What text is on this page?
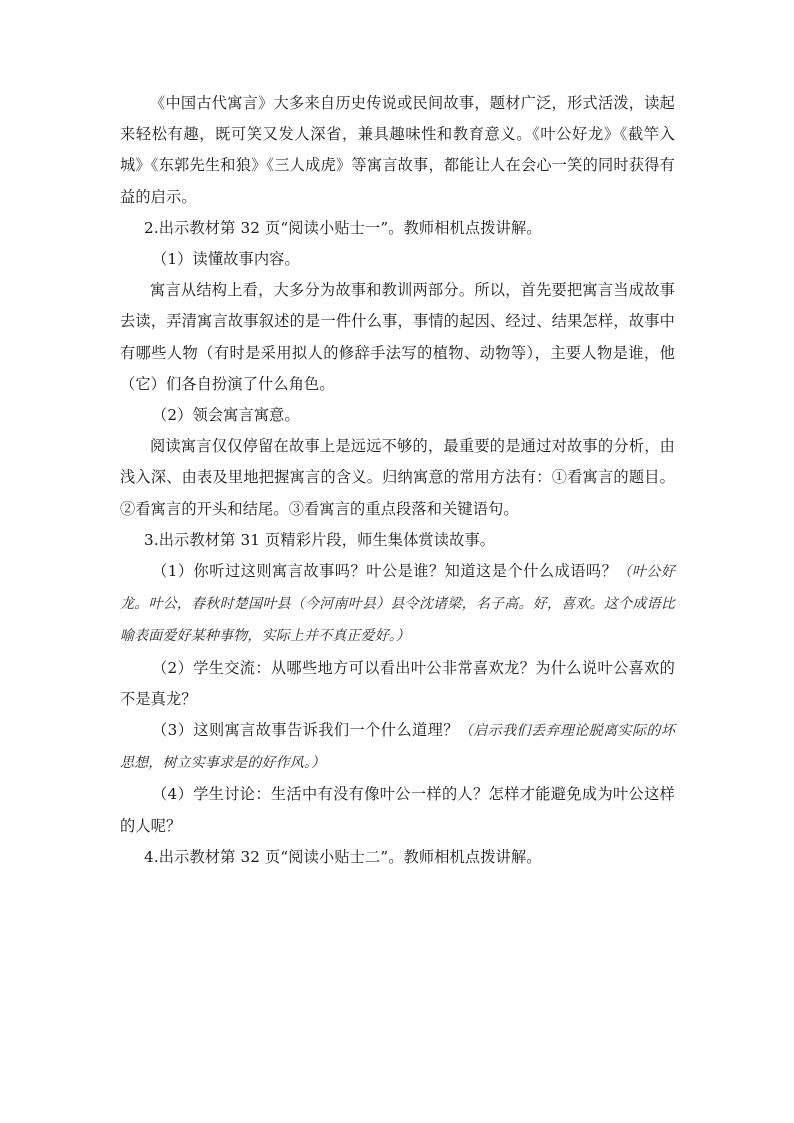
《中国古代寓言》大多来自历史传说或民间故事，题材广泛，形式活泼，读起来轻松有趣，既可笑又发人深省，兼具趣味性和教育意义。《叶公好龙》《截竿入城》《东郭先生和狼》《三人成虎》等寓言故事，都能让人在会心一笑的同时获得有益的启示。

2.出示教材第 32 页“阅读小贴士一”。教师相机点拨讲解。

（1）读懂故事内容。

寓言从结构上看，大多分为故事和教训两部分。所以，首先要把寓言当成故事去读，弄清寓言故事叙述的是一件什么事，事情的起因、经过、结果怎样，故事中有哪些人物（有时是采用拟人的修辞手法写的植物、动物等），主要人物是谁，他（它）们各自扮演了什么角色。

（2）领会寓言寓意。

阅读寓言仅仅停留在故事上是远远不够的，最重要的是通过对故事的分析，由浅入深、由表及里地把握寓言的含义。归纳寓意的常用方法有：①看寓言的题目。②看寓言的开头和结尾。③看寓言的重点段落和关键语句。

3.出示教材第 31 页精彩片段，师生集体赏读故事。

（1）你听过这则寓言故事吗？叶公是谁？知道这是个什么成语吗？（叶公好龙。叶公，春秋时楚国叶县（今河南叶县）县令沈诸梁，名子高。好，喜欢。这个成语比喻表面爱好某种事物，实际上并不真正爱好。）

（2）学生交流：从哪些地方可以看出叶公非常喜欢龙？为什么说叶公喜欢的不是真龙？

（3）这则寓言故事告诉我们一个什么道理？（启示我们丢弃理论脱离实际的坏思想，树立实事求是的好作风。）

（4）学生讨论：生活中有没有像叶公一样的人？怎样才能避免成为叶公这样的人呢？

4.出示教材第 32 页“阅读小贴士二”。教师相机点拨讲解。
